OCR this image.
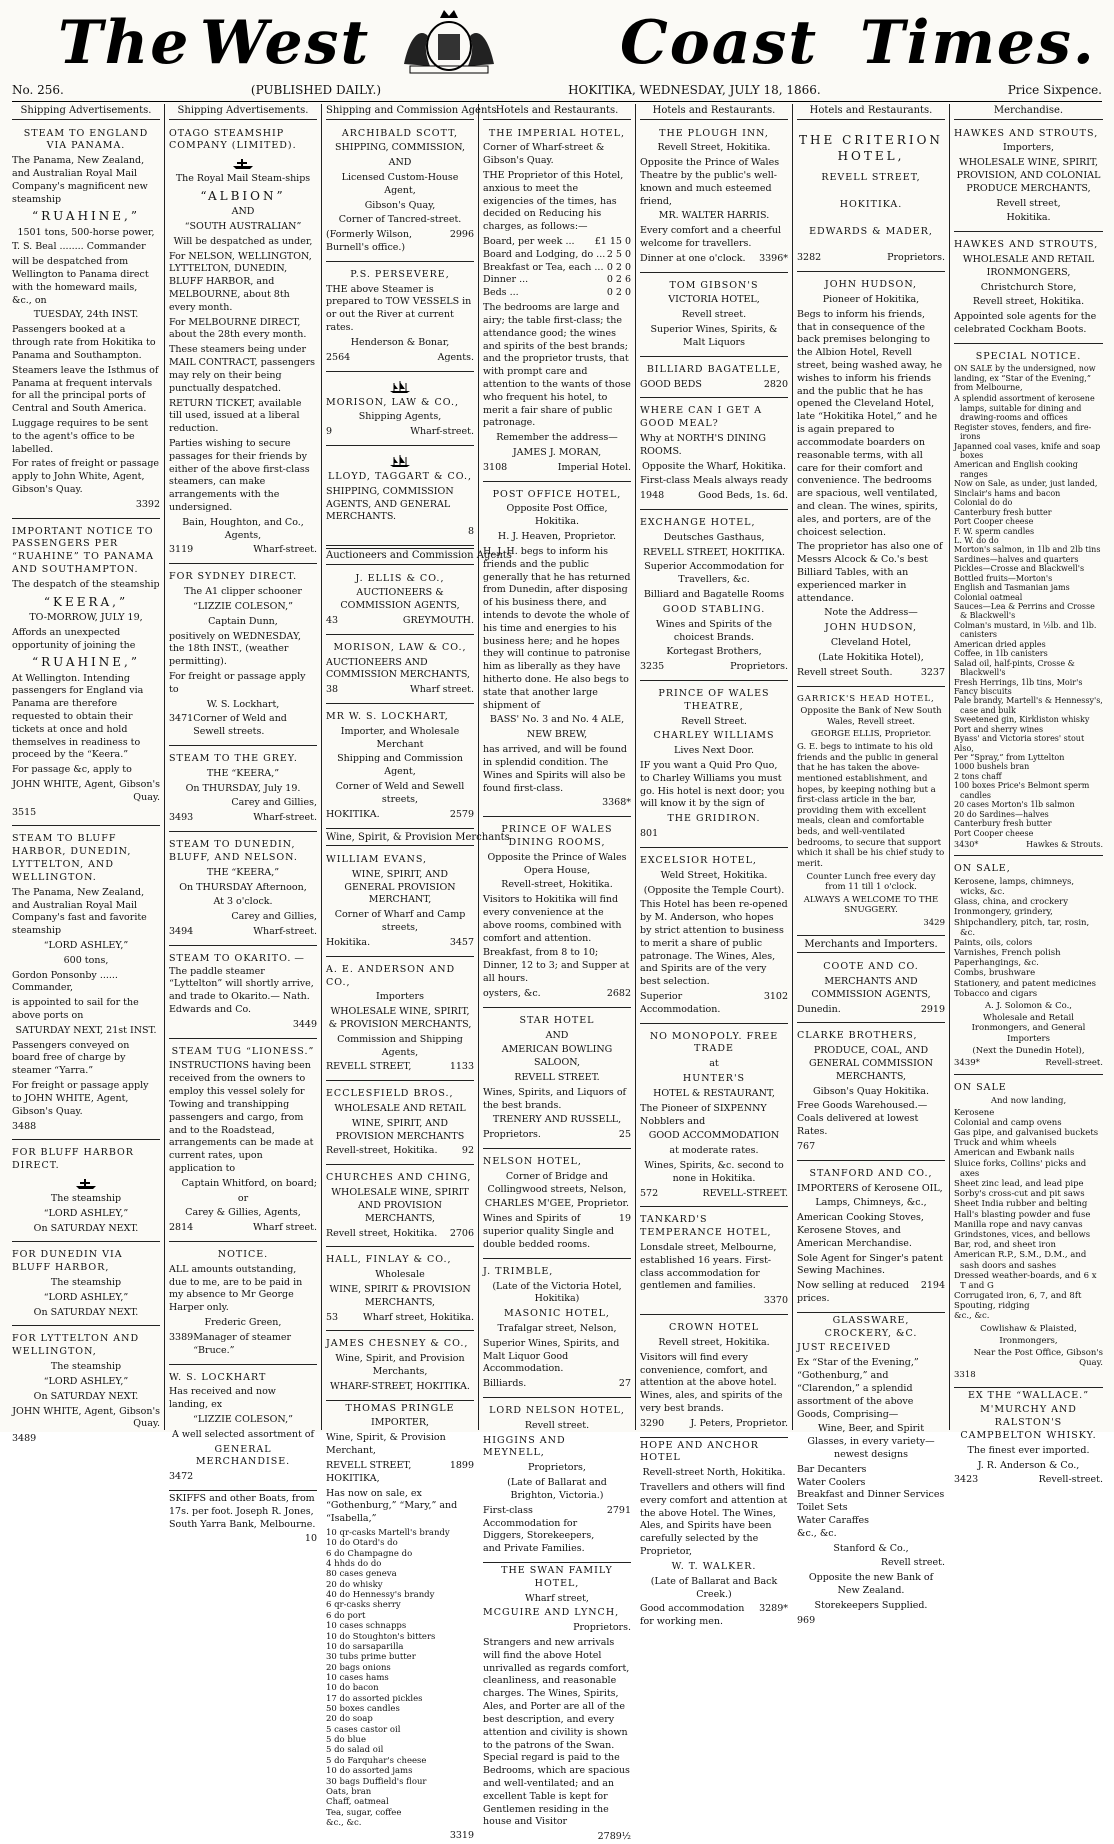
The West	Coast Times.
No. 256.	(PUBLISHED DAILY.)	HOKITIKA, WEDNESDAY, JULY 18, 1866.	Price Sixpence.
Shipping Advertisements.

STEAM TO ENGLAND VIA PANAMA.

The Panama, New Zealand, and Australian Royal Mail Company's magnificent new steamship

“RUAHINE,”

1501 tons, 500-horse power,

T. S. Beal ........ Commander

will be despatched from Wellington to Panama direct with the homeward mails, &c., on

TUESDAY, 24th INST.

Passengers booked at a through rate from Hokitika to Panama and Southampton.

Steamers leave the Isthmus of Panama at frequent intervals for all the principal ports of Central and South America.

Luggage requires to be sent to the agent's office to be labelled.

For rates of freight or passage apply to John White, Agent, Gibson's Quay.

3392

IMPORTANT NOTICE TO PASSENGERS PER “RUAHINE” TO PANAMA AND SOUTHAMPTON.

The despatch of the steamship

“KEERA,”

TO-MORROW, JULY 19,

Affords an unexpected opportunity of joining the

“RUAHINE,”

At Wellington. Intending passengers for England via Panama are therefore requested to obtain their tickets at once and hold themselves in readiness to proceed by the “Keera.”

For passage &c, apply to

JOHN WHITE, Agent, Gibson's Quay.

3515

STEAM TO BLUFF HARBOR, DUNEDIN, LYTTELTON, AND WELLINGTON.

The Panama, New Zealand, and Australian Royal Mail Company's fast and favorite steamship

“LORD ASHLEY,”

600 tons,

Gordon Ponsonby ...... Commander,

is appointed to sail for the above ports on

SATURDAY NEXT, 21st INST.

Passengers conveyed on board free of charge by steamer “Yarra.”

For freight or passage apply to JOHN WHITE, Agent, Gibson's Quay.

3488

FOR BLUFF HARBOR DIRECT.

The steamship

“LORD ASHLEY,”

On SATURDAY NEXT.

FOR DUNEDIN VIA BLUFF HARBOR,

The steamship

“LORD ASHLEY,”

On SATURDAY NEXT.

FOR LYTTELTON AND WELLINGTON,

The steamship

“LORD ASHLEY,”

On SATURDAY NEXT.

JOHN WHITE, Agent, Gibson's Quay.

3489

Shipping Advertisements.

OTAGO STEAMSHIP COMPANY (LIMITED).

The Royal Mail Steam-ships

“ALBION”

AND

“SOUTH AUSTRALIAN”

Will be despatched as under,

For NELSON, WELLINGTON, LYTTELTON, DUNEDIN, BLUFF HARBOR, and MELBOURNE, about 8th every month.

For MELBOURNE DIRECT, about the 28th every month.

These steamers being under MAIL CONTRACT, passengers may rely on their being punctually despatched.

RETURN TICKET, available till used, issued at a liberal reduction.

Parties wishing to secure passages for their friends by either of the above first-class steamers, can make arrangements with the undersigned.

Bain, Houghton, and Co., Agents,

3119	Wharf-street.

FOR SYDNEY DIRECT.

The A1 clipper schooner

“LIZZIE COLESON,”

Captain Dunn,

positively on WEDNESDAY, the 18th INST., (weather permitting).

For freight or passage apply to

W. S. Lockhart,

3471 Corner of Weld and Sewell streets.

STEAM TO THE GREY.

THE “KEERA,”

On THURSDAY, July 19.

Carey and Gillies,

3493	Wharf-street.

STEAM TO DUNEDIN, BLUFF, AND NELSON.

THE “KEERA,”

On THURSDAY Afternoon,

At 3 o'clock.

Carey and Gillies,

3494	Wharf-street.

STEAM TO OKARITO. — The paddle steamer “Lyttelton” will shortly arrive, and trade to Okarito.— Nath. Edwards and Co.

3449

STEAM TUG “LIONESS.”

INSTRUCTIONS having been received from the owners to employ this vessel solely for Towing and transhipping passengers and cargo, from and to the Roadstead, arrangements can be made at current rates, upon application to

Captain Whitford, on board;

or

Carey & Gillies, Agents,

2814	Wharf street.

NOTICE.

ALL amounts outstanding, due to me, are to be paid in my absence to Mr George Harper only.

Frederic Green,

3389 Manager of steamer “Bruce.”

W. S. LOCKHART

Has received and now landing, ex

“LIZZIE COLESON,”

A well selected assortment of

GENERAL MERCHANDISE.

3472

SKIFFS and other Boats, from 17s. per foot. Joseph R. Jones, South Yarra Bank, Melbourne.

10

Shipping and Commission Agents.

ARCHIBALD SCOTT,

SHIPPING, COMMISSION,

AND

Licensed Custom-House Agent,

Gibson's Quay,

Corner of Tancred-street.

(Formerly Wilson, Burnell's office.)
2996

P.S. PERSEVERE,

THE above Steamer is prepared to TOW VESSELS in or out the River at current rates.

Henderson & Bonar,

2564	Agents.

MORISON, LAW & CO.,

Shipping Agents,

9	Wharf-street.

LLOYD, TAGGART & CO.,

SHIPPING, COMMISSION AGENTS, AND GENERAL MERCHANTS.

8

Auctioneers and Commission Agents

J. ELLIS & CO.,

AUCTIONEERS & COMMISSION AGENTS,

43	GREYMOUTH.

MORISON, LAW & CO.,

AUCTIONEERS AND COMMISSION MERCHANTS,

38	Wharf street.

MR W. S. LOCKHART,

Importer, and Wholesale Merchant

Shipping and Commission Agent,

Corner of Weld and Sewell streets,

HOKITIKA.	2579

Wine, Spirit, & Provision Merchants

WILLIAM EVANS,

WINE, SPIRIT, AND GENERAL PROVISION MERCHANT,

Corner of Wharf and Camp streets,

Hokitika.	3457

A. E. ANDERSON AND CO.,

Importers

WHOLESALE WINE, SPIRIT, & PROVISION MERCHANTS,

Commission and Shipping Agents,

REVELL STREET,	1133

ECCLESFIELD BROS.,

WHOLESALE AND RETAIL

WINE, SPIRIT, AND PROVISION MERCHANTS

Revell-street, Hokitika.	92

CHURCHES AND CHING,

WHOLESALE WINE, SPIRIT AND PROVISION MERCHANTS,

Revell street, Hokitika. 2706

HALL, FINLAY & CO.,

Wholesale

WINE, SPIRIT & PROVISION MERCHANTS,

53	Wharf street, Hokitika.

JAMES CHESNEY & CO.,

Wine, Spirit, and Provision Merchants,

WHARF-STREET, HOKITIKA.

THOMAS PRINGLE

IMPORTER,

Wine, Spirit, & Provision Merchant,

REVELL STREET, HOKITIKA,
1899

Has now on sale, ex “Gothenburg,” “Mary,” and “Isabella,”

10 qr-casks Martell's brandy
10 do Otard's do
6 do Champagne do
4 hhds do do
80 cases geneva
20 do whisky
40 do Hennessy's brandy
6 qr-casks sherry
6 do port
10 cases schnapps
10 do Stoughton's bitters
10 do sarsaparilla
30 tubs prime butter
20 bags onions
10 cases hams
10 do bacon
17 do assorted pickles
50 boxes candles
20 do soap
5 cases castor oil
5 do blue
5 do salad oil
5 do Farquhar's cheese
10 do assorted jams
30 bags Duffield's flour
Oats, bran
Chaff, oatmeal
Tea, sugar, coffee
&c., &c.

3319

Hotels and Restaurants.

THE IMPERIAL HOTEL,

Corner of Wharf-street & Gibson's Quay.

THE Proprietor of this Hotel, anxious to meet the exigencies of the times, has decided on Reducing his charges, as follows:—

Board, per week ... £1 15 0
Board and Lodging, do ... 2 5 0
Breakfast or Tea, each ... 0 2 0
Dinner ...	0 2 6
Beds ...	0 2 0

The bedrooms are large and airy; the table first-class; the attendance good; the wines and spirits of the best brands; and the proprietor trusts, that with prompt care and attention to the wants of those who frequent his hotel, to merit a fair share of public patronage.

Remember the address—

JAMES J. MORAN,

3108	Imperial Hotel.

POST OFFICE HOTEL,

Opposite Post Office, Hokitika.

H. J. Heaven, Proprietor.

H. J. H. begs to inform his friends and the public generally that he has returned from Dunedin, after disposing of his business there, and intends to devote the whole of his time and energies to his business here; and he hopes they will continue to patronise him as liberally as they have hitherto done. He also begs to state that another large shipment of

BASS' No. 3 and No. 4 ALE,

NEW BREW,

has arrived, and will be found in splendid condition. The Wines and Spirits will also be found first-class.

3368*

PRINCE OF WALES DINING ROOMS,

Opposite the Prince of Wales Opera House,

Revell-street, Hokitika.

Visitors to Hokitika will find every convenience at the above rooms, combined with comfort and attention.

Breakfast, from 8 to 10; Dinner, 12 to 3; and Supper at all hours.

oysters, &c.	2682

STAR HOTEL

AND

AMERICAN BOWLING SALOON,

REVELL STREET.

Wines, Spirits, and Liquors of the best brands.

TRENERY AND RUSSELL,

Proprietors.	25

NELSON HOTEL,

Corner of Bridge and Collingwood streets, Nelson,

CHARLES M'GEE, Proprietor.

Wines and Spirits of superior quality Single and double bedded rooms.
19

J. TRIMBLE,

(Late of the Victoria Hotel, Hokitika)

MASONIC HOTEL,

Trafalgar street, Nelson,

Superior Wines, Spirits, and Malt Liquor Good Accommodation.

Billiards.	27

LORD NELSON HOTEL,

Revell street.

HIGGINS AND MEYNELL,

Proprietors,

(Late of Ballarat and Brighton, Victoria.)

First-class Accommodation for Diggers, Storekeepers, and Private Families.
2791

THE SWAN FAMILY HOTEL,

Wharf street,

MCGUIRE AND LYNCH,

Proprietors.

Strangers and new arrivals will find the above Hotel unrivalled as regards comfort, cleanliness, and reasonable charges. The Wines, Spirits, Ales, and Porter are all of the best description, and every attention and civility is shown to the patrons of the Swan. Special regard is paid to the Bedrooms, which are spacious and well-ventilated; and an excellent Table is kept for Gentlemen residing in the house and Visitor

2789½

Hotels and Restaurants.

THE PLOUGH INN,

Revell Street, Hokitika.

Opposite the Prince of Wales Theatre by the public's well-known and much esteemed friend,

MR. WALTER HARRIS.

Every comfort and a cheerful welcome for travellers.

Dinner at one o'clock. 3396*

TOM GIBSON'S

VICTORIA HOTEL,

Revell street.

Superior Wines, Spirits, & Malt Liquors

BILLIARD BAGATELLE,

GOOD BEDS	2820

WHERE CAN I GET A GOOD MEAL?

Why at NORTH'S DINING ROOMS.

Opposite the Wharf, Hokitika.

First-class Meals always ready

1948	Good Beds, 1s. 6d.

EXCHANGE HOTEL,

Deutsches Gasthaus,

REVELL STREET, HOKITIKA.

Superior Accommodation for Travellers, &c.

Billiard and Bagatelle Rooms

GOOD STABLING.

Wines and Spirits of the choicest Brands.

Kortegast Brothers,

3235	Proprietors.

PRINCE OF WALES THEATRE,

Revell Street.

CHARLEY WILLIAMS

Lives Next Door.

IF you want a Quid Pro Quo, to Charley Williams you must go. His hotel is next door; you will know it by the sign of

THE GRIDIRON.

801

EXCELSIOR HOTEL,

Weld Street, Hokitika.

(Opposite the Temple Court).

This Hotel has been re-opened by M. Anderson, who hopes by strict attention to business to merit a share of public patronage. The Wines, Ales, and Spirits are of the very best selection.

Superior Accommodation.
3102

NO MONOPOLY. FREE TRADE

at

HUNTER'S

HOTEL & RESTAURANT,

The Pioneer of SIXPENNY Nobblers and

GOOD ACCOMMODATION

at moderate rates.

Wines, Spirits, &c. second to none in Hokitika.

572	REVELL-STREET.

TANKARD'S TEMPERANCE HOTEL,

Lonsdale street, Melbourne, established 16 years. First-class accommodation for gentlemen and families.

3370

CROWN HOTEL

Revell street, Hokitika.

Visitors will find every convenience, comfort, and attention at the above hotel. Wines, ales, and spirits of the very best brands.

3290	J. Peters, Proprietor.

HOPE AND ANCHOR HOTEL

Revell-street North, Hokitika.

Travellers and others will find every comfort and attention at the above Hotel. The Wines, Ales, and Spirits have been carefully selected by the Proprietor,

W. T. WALKER.

(Late of Ballarat and Back Creek.)

Good accommodation for working men.
3289*

Hotels and Restaurants.

THE CRITERION HOTEL,

REVELL STREET,

HOKITIKA.

EDWARDS & MADER,

3282	Proprietors.

JOHN HUDSON,

Pioneer of Hokitika,

Begs to inform his friends, that in consequence of the back premises belonging to the Albion Hotel, Revell street, being washed away, he wishes to inform his friends and the public that he has opened the Cleveland Hotel, late “Hokitika Hotel,” and he is again prepared to accommodate boarders on reasonable terms, with all care for their comfort and convenience. The bedrooms are spacious, well ventilated, and clean. The wines, spirits, ales, and porters, are of the choicest selection.

The proprietor has also one of Messrs Alcock & Co.'s best Billiard Tables, with an experienced marker in attendance.

Note the Address—

JOHN HUDSON,

Cleveland Hotel,

(Late Hokitika Hotel),

Revell street South.	3237

GARRICK'S HEAD HOTEL,

Opposite the Bank of New South Wales, Revell street.

GEORGE ELLIS, Proprietor.

G. E. begs to intimate to his old friends and the public in general that he has taken the above-mentioned establishment, and hopes, by keeping nothing but a first-class article in the bar, providing them with excellent meals, clean and comfortable beds, and well-ventilated bedrooms, to secure that support which it shall be his chief study to merit.

Counter Lunch free every day from 11 till 1 o'clock.

ALWAYS A WELCOME TO THE SNUGGERY.

3429

Merchants and Importers.

COOTE AND CO.

MERCHANTS AND COMMISSION AGENTS,

Dunedin.	2919

CLARKE BROTHERS,

PRODUCE, COAL, AND GENERAL COMMISSION MERCHANTS,

Gibson's Quay Hokitika.

Free Goods Warehoused.—Coals delivered at lowest Rates.

767

STANFORD AND CO.,

IMPORTERS of Kerosene OIL,

Lamps, Chimneys, &c.,

American Cooking Stoves, Kerosene Stoves, and American Merchandise.

Sole Agent for Singer's patent Sewing Machines.

Now selling at reduced prices.
2194

GLASSWARE, CROCKERY, &C.

JUST RECEIVED

Ex “Star of the Evening,” “Gothenburg,” and “Clarendon,” a splendid assortment of the above Goods, Comprising—

Wine, Beer, and Spirit Glasses, in every variety—newest designs

Bar Decanters
Water Coolers
Breakfast and Dinner Services
Toilet Sets
Water Caraffes
&c., &c.

Stanford & Co.,

Revell street.

Opposite the new Bank of New Zealand.

Storekeepers Supplied.

969

Merchandise.

HAWKES AND STROUTS,

Importers,

WHOLESALE WINE, SPIRIT, PROVISION, AND COLONIAL PRODUCE MERCHANTS,

Revell street,

Hokitika.

HAWKES AND STROUTS,

WHOLESALE AND RETAIL IRONMONGERS,

Christchurch Store,

Revell street, Hokitika.

Appointed sole agents for the celebrated Cockham Boots.

SPECIAL NOTICE.

ON SALE by the undersigned, now landing, ex “Star of the Evening,” from Melbourne,

A splendid assortment of kerosene lamps, suitable for dining and drawing-rooms and offices
Register stoves, fenders, and fire-irons
Japanned coal vases, knife and soap boxes
American and English cooking ranges
Now on Sale, as under, just landed,
Sinclair's hams and bacon
Colonial do do
Canterbury fresh butter
Port Cooper cheese
F. W. sperm candles
L. W. do do
Morton's salmon, in 1lb and 2lb tins
Sardines—halves and quarters
Pickles—Crosse and Blackwell's
Bottled fruits—Morton's
English and Tasmanian jams
Colonial oatmeal
Sauces—Lea & Perrins and Crosse & Blackwell's
Colman's mustard, in ½lb. and 1lb. canisters
American dried apples
Coffee, in 1lb canisters
Salad oil, half-pints, Crosse & Blackwell's
Fresh Herrings, 1lb tins, Moir's
Fancy biscuits
Pale brandy, Martell's & Hennessy's, case and bulk
Sweetened gin, Kirkliston whisky
Port and sherry wines
Byass' and Victoria stores' stout
Also,
Per “Spray,” from Lyttelton
1000 bushels bran
2 tons chaff
100 boxes Price's Belmont sperm candles
20 cases Morton's 1lb salmon
20 do Sardines—halves
Canterbury fresh butter
Port Cooper cheese

3430*	Hawkes & Strouts.

ON SALE,

Kerosene, lamps, chimneys, wicks, &c.
Glass, china, and crockery
Ironmongery, grindery,
Shipchandlery, pitch, tar, rosin, &c.
Paints, oils, colors
Varnishes, French polish
Paperhangings, &c.
Combs, brushware
Stationery, and patent medicines
Tobacco and cigars

A. J. Solomon & Co.,

Wholesale and Retail Ironmongers, and General Importers

(Next the Dunedin Hotel),

3439*	Revell-street.

ON SALE

And now landing,

Kerosene
Colonial and camp ovens
Gas pipe, and galvanised buckets
Truck and whim wheels
American and Ewbank nails
Sluice forks, Collins' picks and axes
Sheet zinc lead, and lead pipe
Sorby's cross-cut and pit saws
Sheet India rubber and belting
Hall's blasting powder and fuse
Manilla rope and navy canvas
Grindstones, vices, and bellows
Bar, rod, and sheet iron
American R.P., S.M., D.M., and sash doors and sashes
Dressed weather-boards, and 6 x T and G
Corrugated iron, 6, 7, and 8ft
Spouting, ridging
&c., &c.

Cowlishaw & Plaisted,

Ironmongers,

Near the Post Office, Gibson's Quay.

3318

EX THE “WALLACE.”

M'MURCHY AND RALSTON'S CAMPBELTON WHISKY.

The finest ever imported.

J. R. Anderson & Co.,

3423	Revell-street.
